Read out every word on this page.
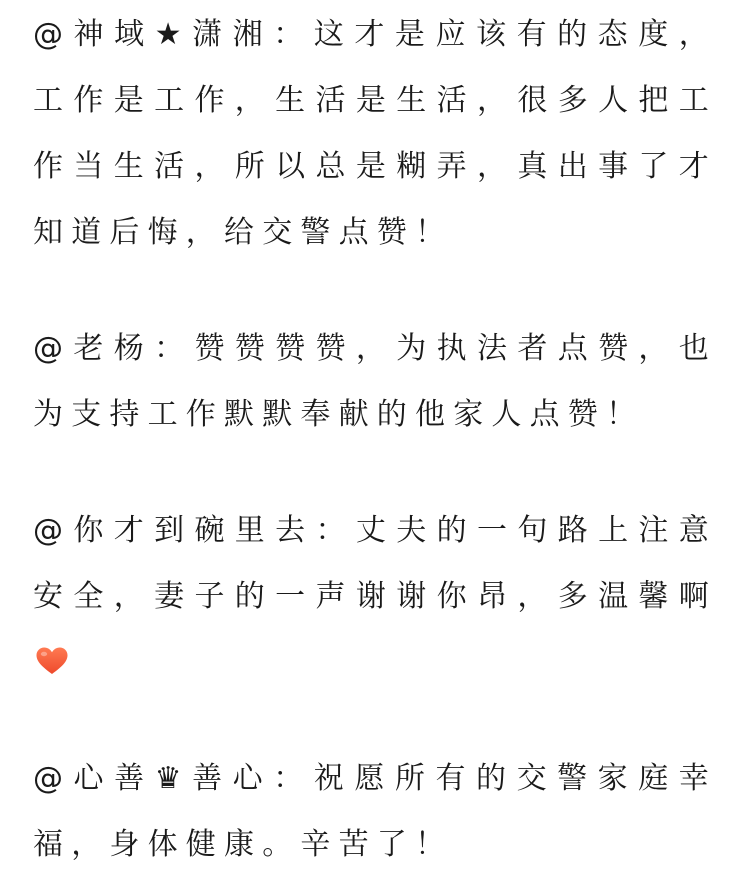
@神域★潇湘：这才是应该有的态度，工作是工作，生活是生活，很多人把工作当生活，所以总是糊弄，真出事了才知道后悔，给交警点赞！

@老杨：赞赞赞赞，为执法者点赞，也为支持工作默默奉献的他家人点赞！

@你才到碗里去：丈夫的一句路上注意安全，妻子的一声谢谢你昂，多温馨啊

@心善♛善心：祝愿所有的交警家庭幸福，身体健康。辛苦了！
